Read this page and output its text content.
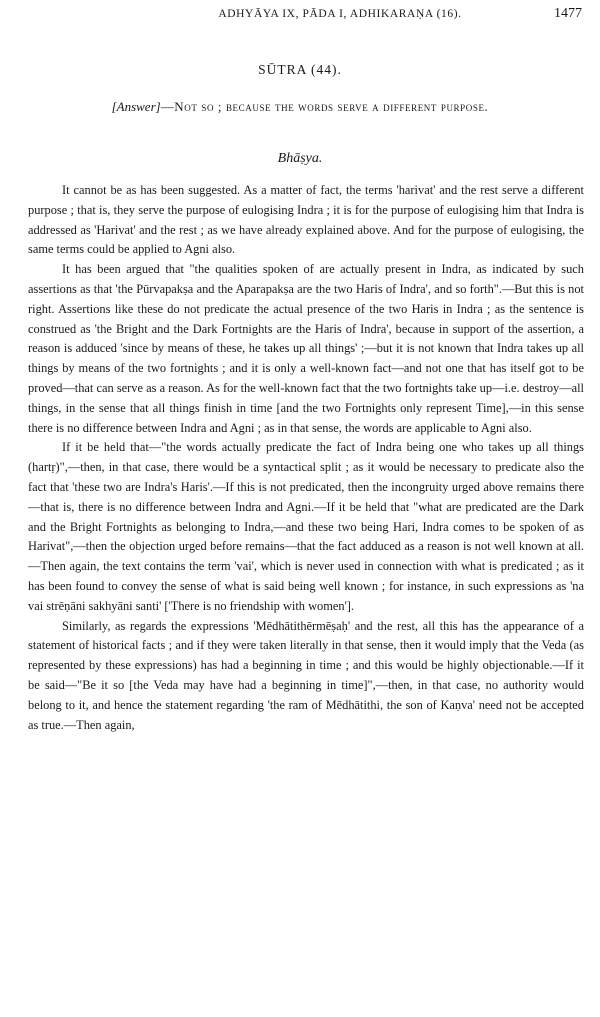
ADHYĀYA IX, PĀDA I, ADHIKARAṆA (16).	1477
SŪTRA (44).
[Answer]—Not so ; because the words serve a different purpose.
Bhāṣya.

It cannot be as has been suggested. As a matter of fact, the terms 'harivat' and the rest serve a different purpose ; that is, they serve the purpose of eulogising Indra ; it is for the purpose of eulogising him that Indra is addressed as 'Harivat' and the rest ; as we have already explained above. And for the purpose of eulogising, the same terms could be applied to Agni also.

It has been argued that "the qualities spoken of are actually present in Indra, as indicated by such assertions as that 'the Pūrvapakṣa and the Aparapakṣa are the two Haris of Indra', and so forth".—But this is not right. Assertions like these do not predicate the actual presence of the two Haris in Indra ; as the sentence is construed as 'the Bright and the Dark Fortnights are the Haris of Indra', because in support of the assertion, a reason is adduced 'since by means of these, he takes up all things' ;—but it is not known that Indra takes up all things by means of the two fortnights ; and it is only a well-known fact—and not one that has itself got to be proved—that can serve as a reason. As for the well-known fact that the two fortnights take up—i.e. destroy—all things, in the sense that all things finish in time [and the two Fortnights only represent Time],—in this sense there is no difference between Indra and Agni ; as in that sense, the words are applicable to Agni also.

If it be held that—"the words actually predicate the fact of Indra being one who takes up all things (hartṛ)",—then, in that case, there would be a syntactical split ; as it would be necessary to predicate also the fact that 'these two are Indra's Haris'.—If this is not predicated, then the incongruity urged above remains there—that is, there is no difference between Indra and Agni.—If it be held that "what are predicated are the Dark and the Bright Fortnights as belonging to Indra,—and these two being Hari, Indra comes to be spoken of as Harivat",—then the objection urged before remains—that the fact adduced as a reason is not well known at all. —Then again, the text contains the term 'vai', which is never used in connection with what is predicated ; as it has been found to convey the sense of what is said being well known ; for instance, in such expressions as 'na vai strēṇāni sakhyāni santi' ['There is no friendship with women'].

Similarly, as regards the expressions 'Mēdhātithērmēṣaḥ' and the rest, all this has the appearance of a statement of historical facts ; and if they were taken literally in that sense, then it would imply that the Veda (as represented by these expressions) has had a beginning in time ; and this would be highly objectionable.—If it be said—"Be it so [the Veda may have had a beginning in time]",—then, in that case, no authority would belong to it, and hence the statement regarding 'the ram of Mēdhātithi, the son of Kaṇva' need not be accepted as true.—Then again,
